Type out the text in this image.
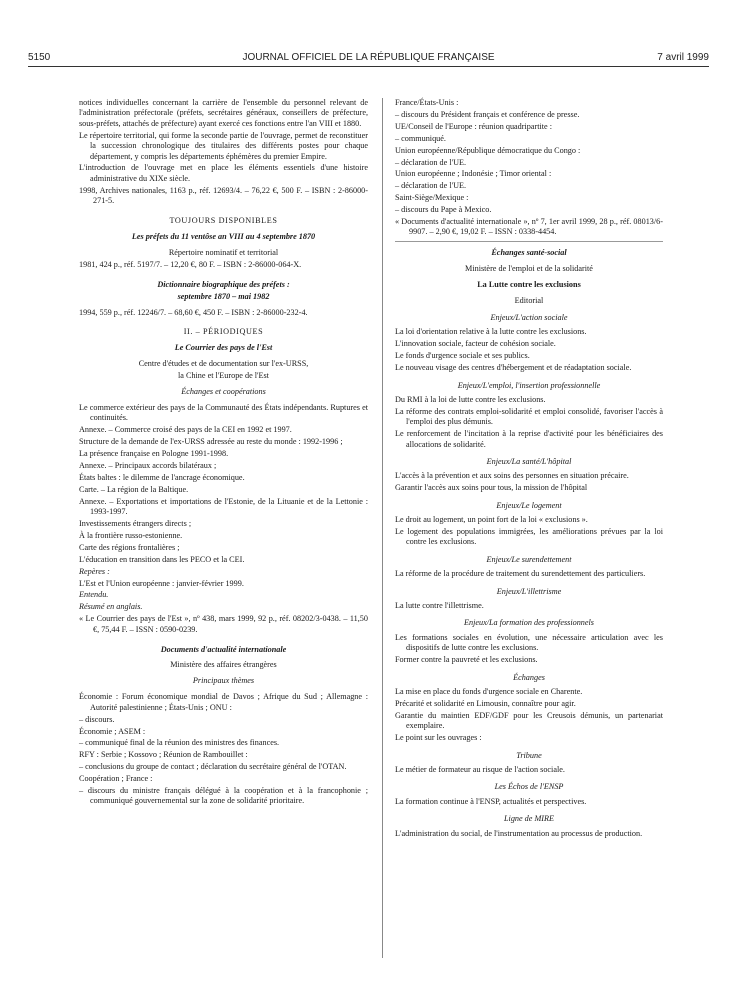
5150	JOURNAL OFFICIEL DE LA RÉPUBLIQUE FRANÇAISE	7 avril 1999

notices individuelles concernant la carrière de l'ensemble du personnel relevant de l'administration préfectorale (préfets, secrétaires généraux, conseillers de préfecture, sous-préfets, attachés de préfecture) ayant exercé ces fonctions entre l'an VIII et 1880.

Le répertoire territorial, qui forme la seconde partie de l'ouvrage, permet de reconstituer la succession chronologique des titulaires des différents postes pour chaque département, y compris les départements éphémères du premier Empire.

L'introduction de l'ouvrage met en place les éléments essentiels d'une histoire administrative du XIXe siècle.

1998, Archives nationales, 1163 p., réf. 12693/4. – 76,22 €, 500 F. – ISBN : 2-86000-271-5.

TOUJOURS DISPONIBLES

Les préfets du 11 ventôse an VIII au 4 septembre 1870

Répertoire nominatif et territorial

1981, 424 p., réf. 5197/7. – 12,20 €, 80 F. – ISBN : 2-86000-064-X.

Dictionnaire biographique des préfets :

septembre 1870 – mai 1982

1994, 559 p., réf. 12246/7. – 68,60 €, 450 F. – ISBN : 2-86000-232-4.

II. – PÉRIODIQUES

Le Courrier des pays de l'Est

Centre d'études et de documentation sur l'ex-URSS,

la Chine et l'Europe de l'Est

Échanges et coopérations

Le commerce extérieur des pays de la Communauté des États indépendants. Ruptures et continuités.

Annexe. – Commerce croisé des pays de la CEI en 1992 et 1997.

Structure de la demande de l'ex-URSS adressée au reste du monde : 1992-1996 ;

La présence française en Pologne 1991-1998.

Annexe. – Principaux accords bilatéraux ;

États baltes : le dilemme de l'ancrage économique.

Carte. – La région de la Baltique.

Annexe. – Exportations et importations de l'Estonie, de la Lituanie et de la Lettonie : 1993-1997.

Investissements étrangers directs ;

À la frontière russo-estonienne.

Carte des régions frontalières ;

L'éducation en transition dans les PECO et la CEI.

Repères :

L'Est et l'Union européenne : janvier-février 1999.

Entendu.

Résumé en anglais.

« Le Courrier des pays de l'Est », nº 438, mars 1999, 92 p., réf. 08202/3-0438. – 11,50 €, 75,44 F. – ISSN : 0590-0239.

Documents d'actualité internationale

Ministère des affaires étrangères

Principaux thèmes

Économie : Forum économique mondial de Davos ; Afrique du Sud ; Allemagne : Autorité palestinienne ; États-Unis ; ONU :

– discours.

Économie ; ASEM :

– communiqué final de la réunion des ministres des finances.

RFY : Serbie ; Kossovo ; Réunion de Rambouillet :

– conclusions du groupe de contact ; déclaration du secrétaire général de l'OTAN.

Coopération ; France :

– discours du ministre français délégué à la coopération et à la francophonie ; communiqué gouvernemental sur la zone de solidarité prioritaire.

France/États-Unis :

– discours du Président français et conférence de presse.

UE/Conseil de l'Europe : réunion quadripartite :

– communiqué.

Union européenne/République démocratique du Congo :

– déclaration de l'UE.

Union européenne ; Indonésie ; Timor oriental :

– déclaration de l'UE.

Saint-Siège/Mexique :

– discours du Pape à Mexico.

« Documents d'actualité internationale », nº 7, 1er avril 1999, 28 p., réf. 08013/6-9907. – 2,90 €, 19,02 F. – ISSN : 0338-4454.

Échanges santé-social

Ministère de l'emploi et de la solidarité

La Lutte contre les exclusions

Editorial

Enjeux/L'action sociale

La loi d'orientation relative à la lutte contre les exclusions.

L'innovation sociale, facteur de cohésion sociale.

Le fonds d'urgence sociale et ses publics.

Le nouveau visage des centres d'hébergement et de réadaptation sociale.

Enjeux/L'emploi, l'insertion professionnelle

Du RMI à la loi de lutte contre les exclusions.

La réforme des contrats emploi-solidarité et emploi consolidé, favoriser l'accès à l'emploi des plus démunis.

Le renforcement de l'incitation à la reprise d'activité pour les bénéficiaires des allocations de solidarité.

Enjeux/La santé/L'hôpital

L'accès à la prévention et aux soins des personnes en situation précaire.

Garantir l'accès aux soins pour tous, la mission de l'hôpital

Enjeux/Le logement

Le droit au logement, un point fort de la loi « exclusions ».

Le logement des populations immigrées, les améliorations prévues par la loi contre les exclusions.

Enjeux/Le surendettement

La réforme de la procédure de traitement du surendettement des particuliers.

Enjeux/L'illettrisme

La lutte contre l'illettrisme.

Enjeux/La formation des professionnels

Les formations sociales en évolution, une nécessaire articulation avec les dispositifs de lutte contre les exclusions.

Former contre la pauvreté et les exclusions.

Échanges

La mise en place du fonds d'urgence sociale en Charente.

Précarité et solidarité en Limousin, connaître pour agir.

Garantie du maintien EDF/GDF pour les Creusois démunis, un partenariat exemplaire.

Le point sur les ouvrages :

Tribune

Le métier de formateur au risque de l'action sociale.

Les Échos de l'ENSP

La formation continue à l'ENSP, actualités et perspectives.

Ligne de MIRE

L'administration du social, de l'instrumentation au processus de production.
